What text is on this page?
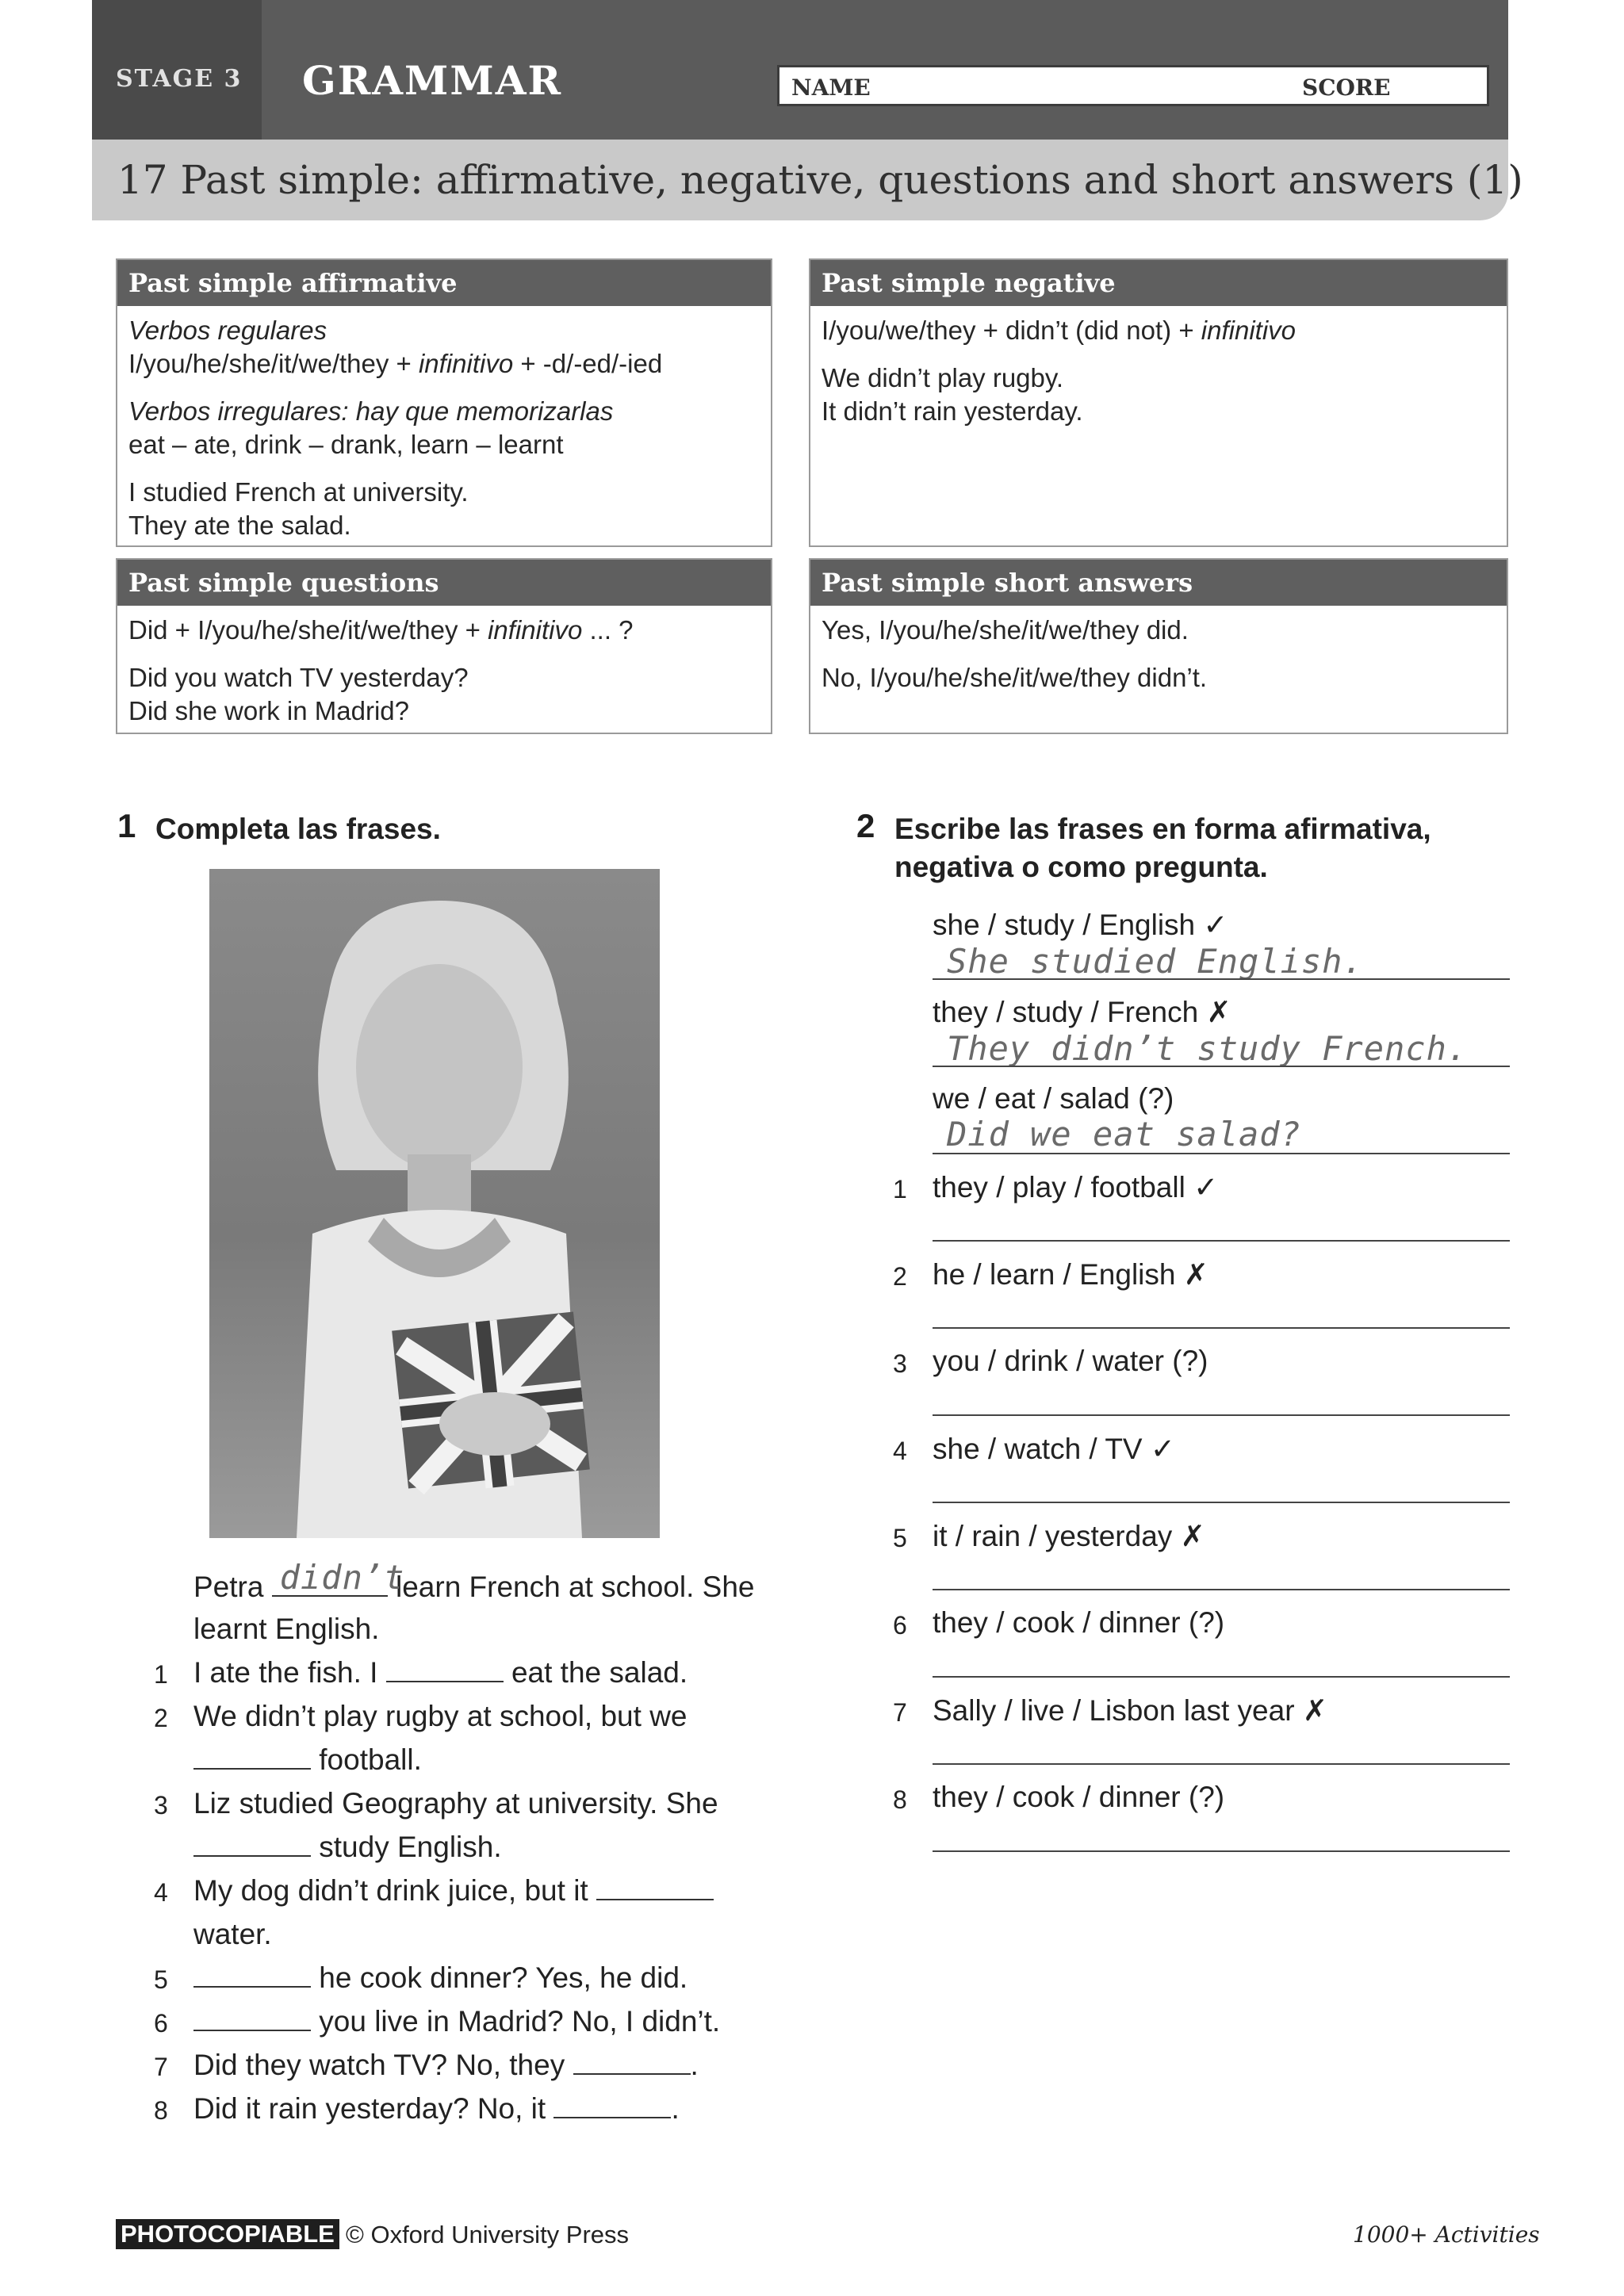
STAGE 3 GRAMMAR	NAME	SCORE
17 Past simple: affirmative, negative, questions and short answers (1)
Past simple affirmative

Verbos regulares
I/you/he/she/it/we/they + infinitivo + -d/-ed/-ied

Verbos irregulares: hay que memorizarlas
eat – ate, drink – drank, learn – learnt

I studied French at university.
They ate the salad.

Past simple negative

I/you/we/they + didn’t (did not) + infinitivo

We didn’t play rugby.
It didn’t rain yesterday.

Past simple questions

Did + I/you/he/she/it/we/they + infinitivo ... ?

Did you watch TV yesterday?
Did she work in Madrid?

Past simple short answers

Yes, I/you/he/she/it/we/they did.

No, I/you/he/she/it/we/they didn’t.

1 Completa las frases.
Petra didn’t
learn French at school. She
learnt English.
1 I ate the fish. I	eat the salad.
2 We didn’t play rugby at school, but we
football.
3 Liz studied Geography at university. She
study English.
4 My dog didn’t drink juice, but it
water.
5	he cook dinner? Yes, he did.
6	you live in Madrid? No, I didn’t.
7 Did they watch TV? No, they	.
8 Did it rain yesterday? No, it	.
2 Escribe las frases en forma afirmativa,
negativa o como pregunta.
she / study / English ✓
She studied English.
they / study / French ✗
They didn’t study French.
we / eat / salad (?)
Did we eat salad?
1 they / play / football ✓
2 he / learn / English ✗
3 you / drink / water (?)
4 she / watch / TV ✓
5 it / rain / yesterday ✗
6 they / cook / dinner (?)
7 Sally / live / Lisbon last year ✗
8 they / cook / dinner (?)
PHOTOCOPIABLE © Oxford University Press	1000+ Activities
